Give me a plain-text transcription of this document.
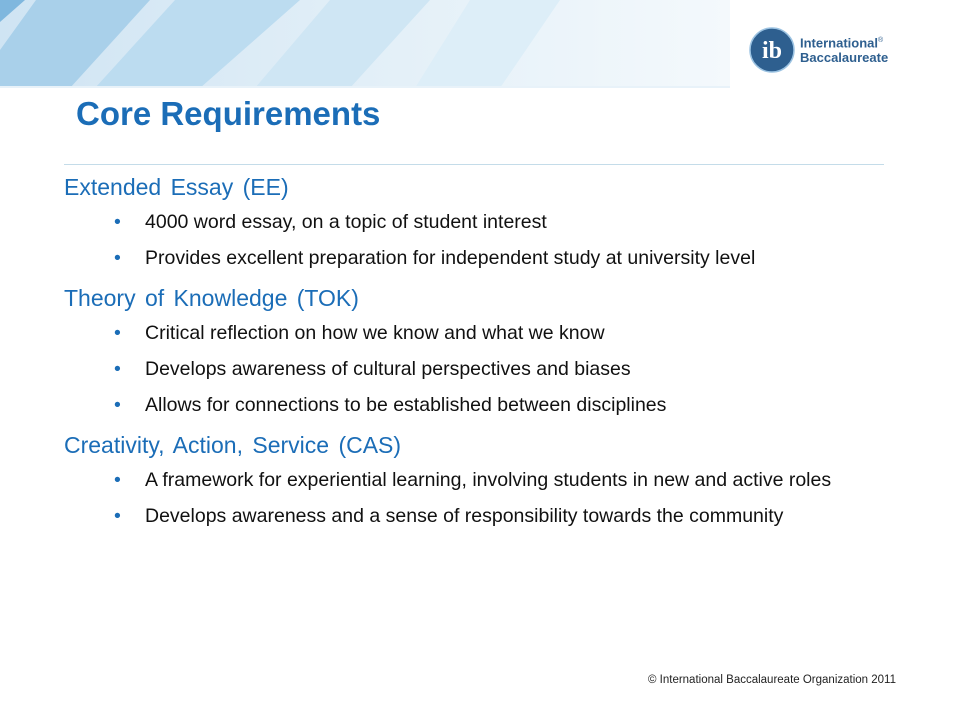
ib International®
Baccalaureate
Core Requirements
Extended Essay (EE)
• 4000 word essay, on a topic of student interest
• Provides excellent preparation for independent study at university level
Theory of Knowledge (TOK)
• Critical reflection on how we know and what we know
• Develops awareness of cultural perspectives and biases
• Allows for connections to be established between disciplines
Creativity, Action, Service (CAS)
• A framework for experiential learning, involving students in new and active roles
• Develops awareness and a sense of responsibility towards the community
© International Baccalaureate Organization 2011
